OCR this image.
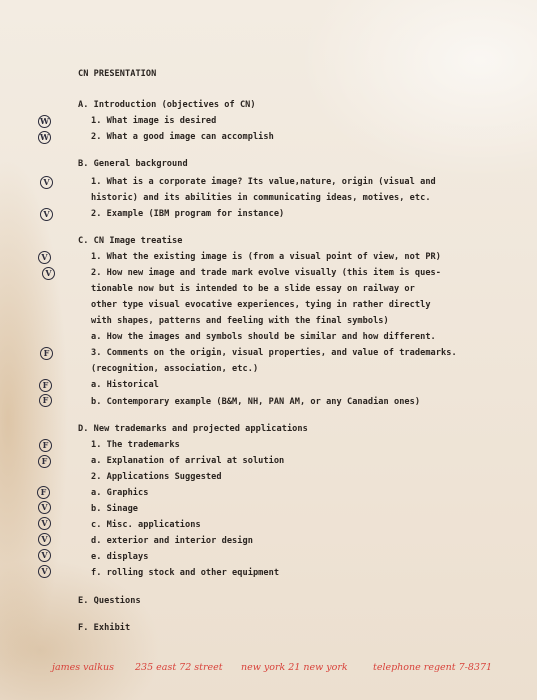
CN PRESENTATION
A. Introduction (objectives of CN)
1. What image is desired
2. What a good image can accomplish
B. General background
1. What is a corporate image? Its value,nature, origin (visual and
historic) and its abilities in communicating ideas, motives, etc.
2. Example (IBM program for instance)
C. CN Image treatise
1. What the existing image is (from a visual point of view, not PR)
2. How new image and trade mark evolve visually (this item is ques-
tionable now but is intended to be a slide essay on railway or
other type visual evocative experiences, tying in rather directly
with shapes, patterns and feeling with the final symbols)
a. How the images and symbols should be similar and how different.
3. Comments on the origin, visual properties, and value of trademarks.
(recognition, association, etc.)
a. Historical
b. Contemporary example (B&M, NH, PAN AM, or any Canadian ones)
D. New trademarks and projected applications
1. The trademarks
a. Explanation of arrival at solution
2. Applications Suggested
a. Graphics
b. Sinage
c. Misc. applications
d. exterior and interior design
e. displays
f. rolling stock and other equipment
E. Questions
F. Exhibit
W
W
V
V
V
V
F
F
F
F
F
F
V
V
V
V
V
james valkus 235 east 72 street new york 21 new york	telephone regent 7-8371
